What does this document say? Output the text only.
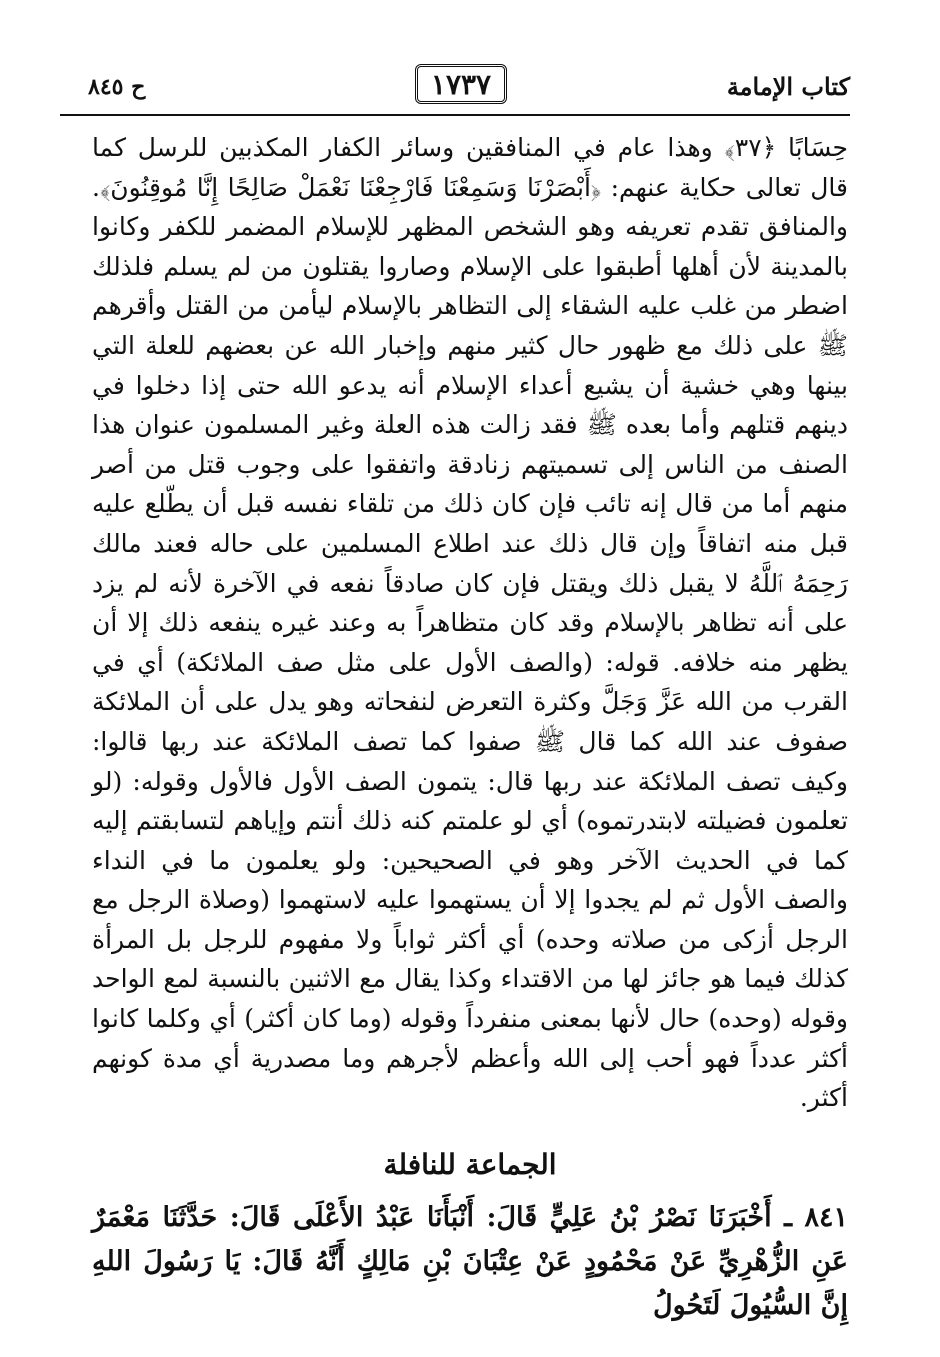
كتاب الإمامة
١٧٣٧
ح ٨٤٥
حِسَابًا ﴿٣٧﴾ وهذا عام في المنافقين وسائر الكفار المكذبين للرسل كما قال تعالى حكاية عنهم: ﴿أَبْصَرْنَا وَسَمِعْنَا فَارْجِعْنَا نَعْمَلْ صَالِحًا إِنَّا مُوقِنُونَ﴾. والمنافق تقدم تعريفه وهو الشخص المظهر للإسلام المضمر للكفر وكانوا بالمدينة لأن أهلها أطبقوا على الإسلام وصاروا يقتلون من لم يسلم فلذلك اضطر من غلب عليه الشقاء إلى التظاهر بالإسلام ليأمن من القتل وأقرهم ﷺ على ذلك مع ظهور حال كثير منهم وإخبار الله عن بعضهم للعلة التي بينها وهي خشية أن يشيع أعداء الإسلام أنه يدعو الله حتى إذا دخلوا في دينهم قتلهم وأما بعده ﷺ فقد زالت هذه العلة وغير المسلمون عنوان هذا الصنف من الناس إلى تسميتهم زنادقة واتفقوا على وجوب قتل من أصر منهم أما من قال إنه تائب فإن كان ذلك من تلقاء نفسه قبل أن يطّلع عليه قبل منه اتفاقاً وإن قال ذلك عند اطلاع المسلمين على حاله فعند مالك رَحِمَهُ ٱللَّهُ لا يقبل ذلك ويقتل فإن كان صادقاً نفعه في الآخرة لأنه لم يزد على أنه تظاهر بالإسلام وقد كان متظاهراً به وعند غيره ينفعه ذلك إلا أن يظهر منه خلافه. قوله: (والصف الأول على مثل صف الملائكة) أي في القرب من الله عَزَّ وَجَلَّ وكثرة التعرض لنفحاته وهو يدل على أن الملائكة صفوف عند الله كما قال ﷺ صفوا كما تصف الملائكة عند ربها قالوا: وكيف تصف الملائكة عند ربها قال: يتمون الصف الأول فالأول وقوله: (لو تعلمون فضيلته لابتدرتموه) أي لو علمتم كنه ذلك أنتم وإياهم لتسابقتم إليه كما في الحديث الآخر وهو في الصحيحين: ولو يعلمون ما في النداء والصف الأول ثم لم يجدوا إلا أن يستهموا عليه لاستهموا (وصلاة الرجل مع الرجل أزكى من صلاته وحده) أي أكثر ثواباً ولا مفهوم للرجل بل المرأة كذلك فيما هو جائز لها من الاقتداء وكذا يقال مع الاثنين بالنسبة لمع الواحد وقوله (وحده) حال لأنها بمعنى منفرداً وقوله (وما كان أكثر) أي وكلما كانوا أكثر عدداً فهو أحب إلى الله وأعظم لأجرهم وما مصدرية أي مدة كونهم أكثر.
الجماعة للنافلة
٨٤١ ـ أَخْبَرَنَا نَصْرُ بْنُ عَلِيٍّ قَالَ: أَنْبَأَنَا عَبْدُ الأَعْلَى قَالَ: حَدَّثَنَا مَعْمَرٌ عَنِ الزُّهْرِيِّ عَنْ مَحْمُودٍ عَنْ عِتْبَانَ بْنِ مَالِكٍ أَنَّهُ قَالَ: يَا رَسُولَ اللهِ إِنَّ السُّيُولَ لَتَحُولُ
